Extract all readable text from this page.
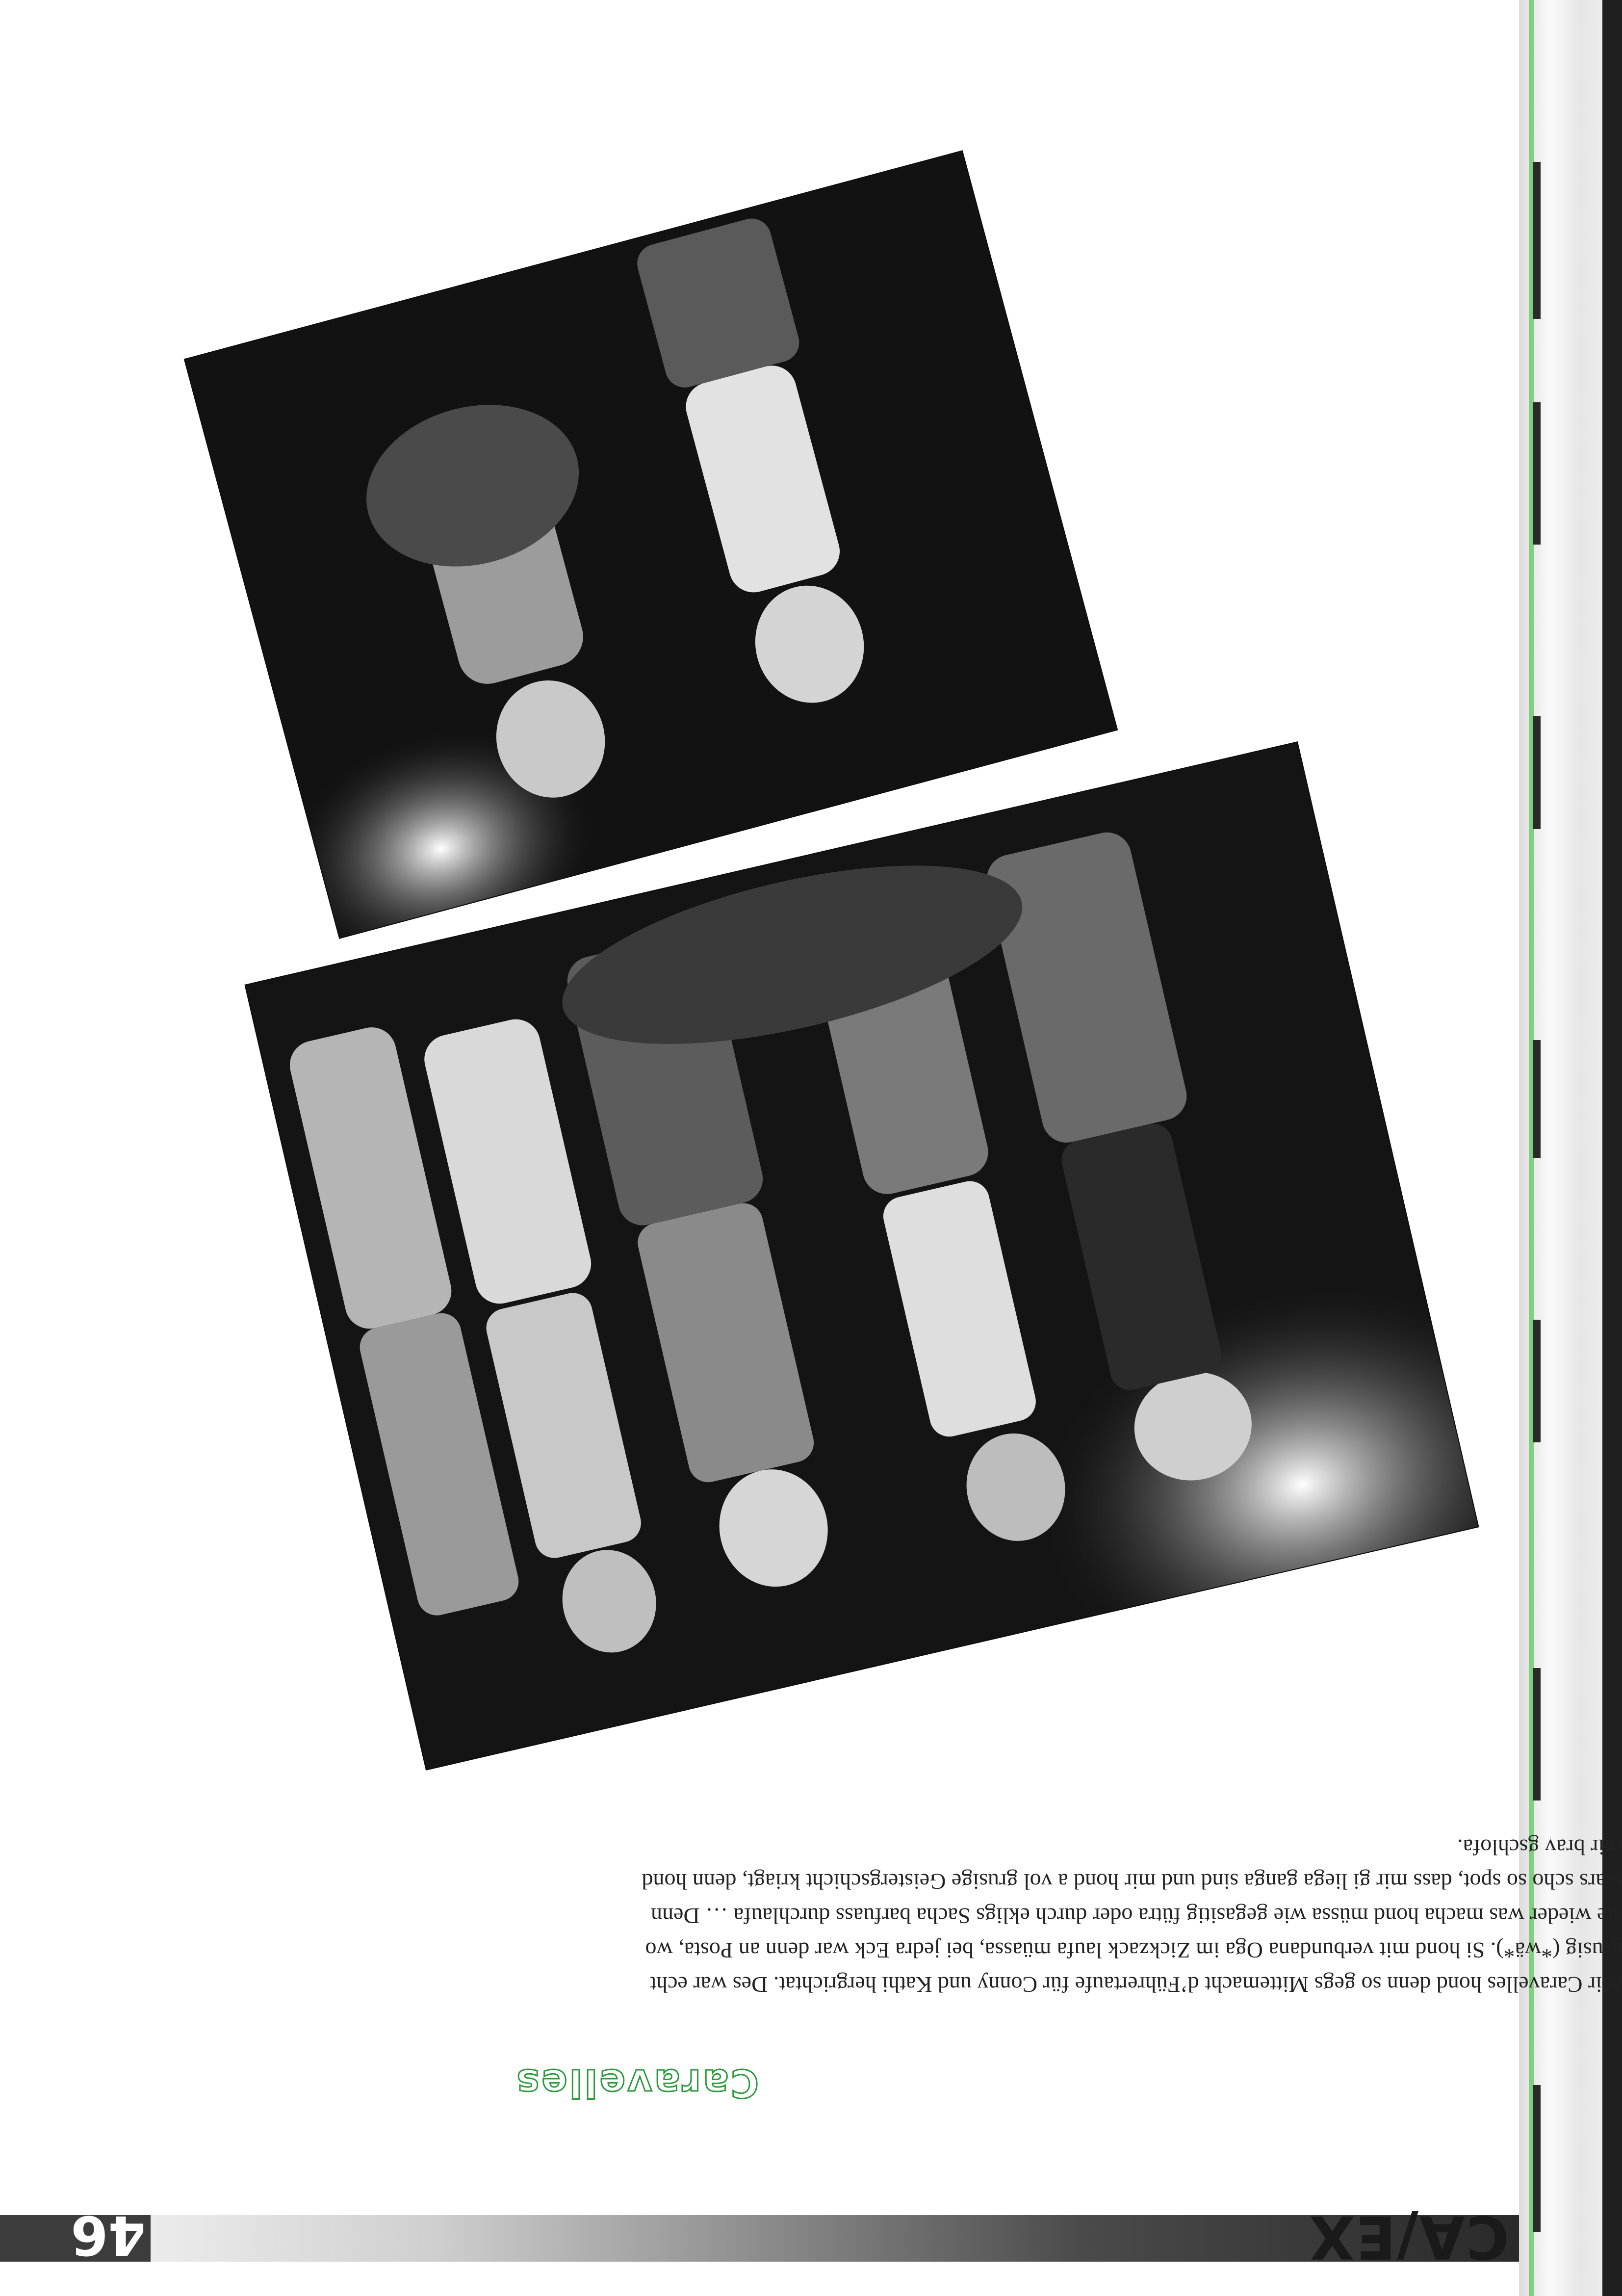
CA/EX
46
Caravelles

Mir Caravelles hond denn so gegs Mittemacht d’Führertaufe für Conny und Kathi hergrichtat. Des war echt

grusig (*wä*). Si hond mit verbundana Oga im Zickzack laufa müassa, bei jedra Eck war denn an Posta, wo

sie wieder was macha hond müssa wie gegasitig fütra oder durch ekligs Sacha barfuass durchlaufa … Denn

wars scho so spot, dass mir gi liega ganga sind und mir hond a vol grusige Geistergschicht kriagt, denn hond

mir brav gschlofa.
